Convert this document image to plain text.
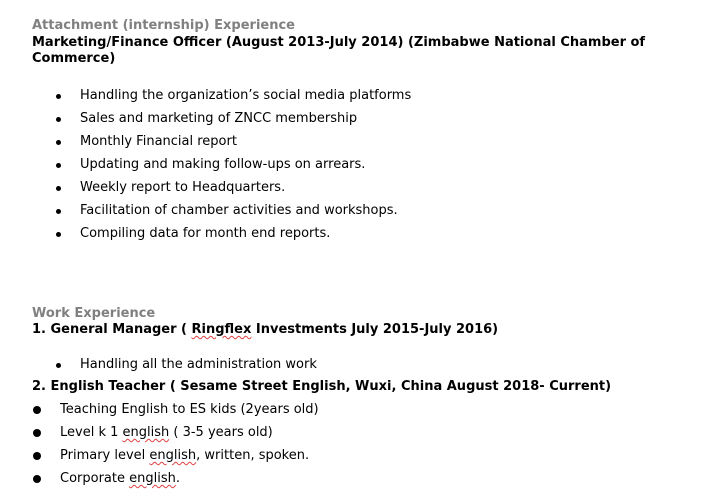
Attachment (internship) Experience
Marketing/Finance Officer (August 2013-July 2014) (Zimbabwe National Chamber of Commerce)
Handling the organization’s social media platforms
Sales and marketing of ZNCC membership
Monthly Financial report
Updating and making follow-ups on arrears.
Weekly report to Headquarters.
Facilitation of chamber activities and workshops.
Compiling data for month end reports.
Work Experience
1. General Manager ( Ringflex Investments July 2015-July 2016)
Handling all the administration work
2. English Teacher ( Sesame Street English, Wuxi, China August 2018- Current)
Teaching English to ES kids (2years old)
Level k 1 english ( 3-5 years old)
Primary level english, written, spoken.
Corporate english.
